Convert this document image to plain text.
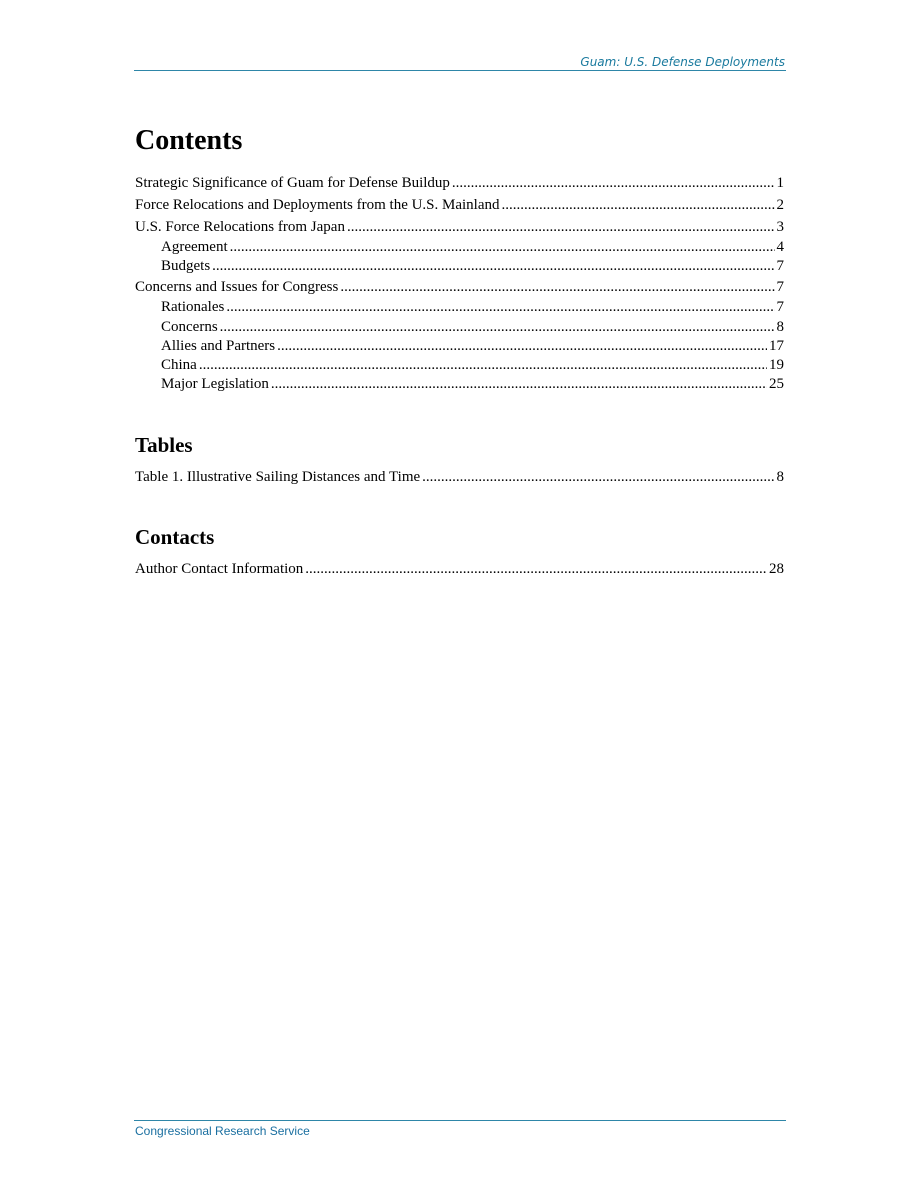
Guam: U.S. Defense Deployments
Contents
Strategic Significance of Guam for Defense Buildup .....	1
Force Relocations and Deployments from the U.S. Mainland .....	2
U.S. Force Relocations from Japan .....	3
Agreement .....	4
Budgets .....	7
Concerns and Issues for Congress .....	7
Rationales .....	7
Concerns .....	8
Allies and Partners .....	17
China .....	19
Major Legislation .....	25
Tables
Table 1. Illustrative Sailing Distances and Time .....	8
Contacts
Author Contact Information .....	28
Congressional Research Service
